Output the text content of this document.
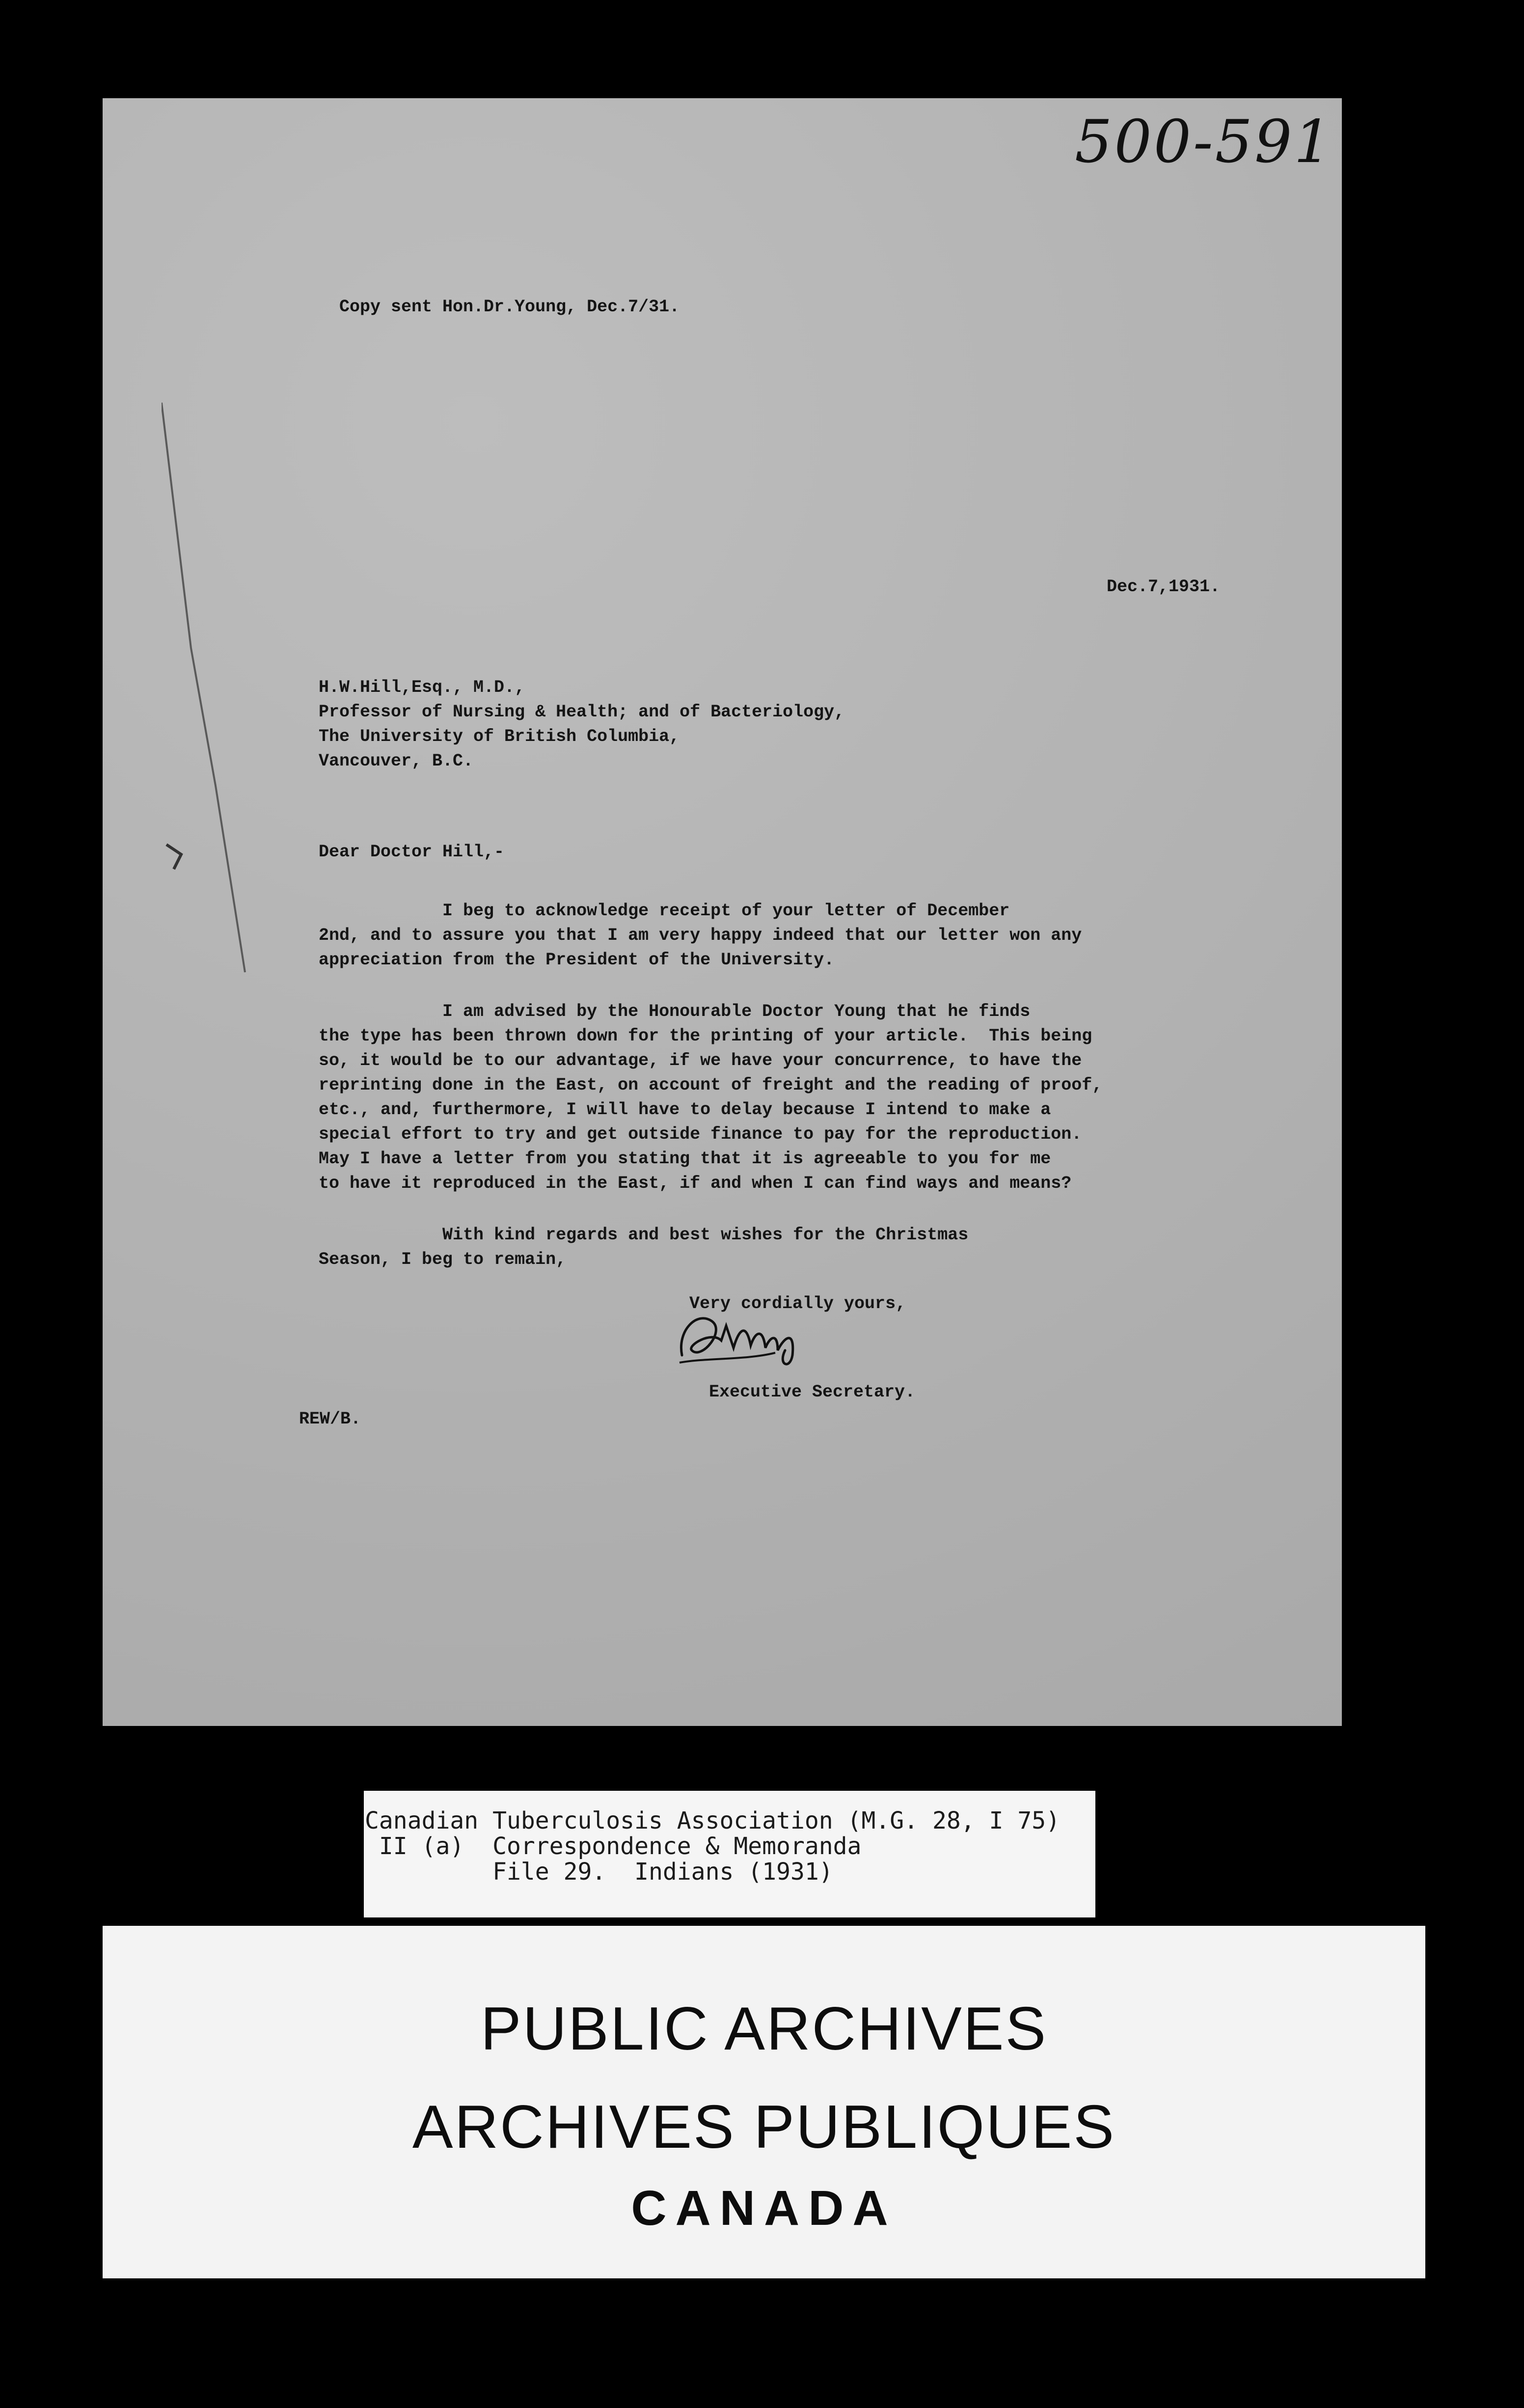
500-591
Copy sent Hon.Dr.Young, Dec.7/31.
Dec.7,1931.
H.W.Hill,Esq., M.D.,
Professor of Nursing & Health; and of Bacteriology,
The University of British Columbia,
Vancouver, B.C.
Dear Doctor Hill,-
I beg to acknowledge receipt of your letter of December
2nd, and to assure you that I am very happy indeed that our letter won any
appreciation from the President of the University.
I am advised by the Honourable Doctor Young that he finds
the type has been thrown down for the printing of your article.  This being
so, it would be to our advantage, if we have your concurrence, to have the
reprinting done in the East, on account of freight and the reading of proof,
etc., and, furthermore, I will have to delay because I intend to make a
special effort to try and get outside finance to pay for the reproduction.
May I have a letter from you stating that it is agreeable to you for me
to have it reproduced in the East, if and when I can find ways and means?
With kind regards and best wishes for the Christmas
Season, I beg to remain,
Very cordially yours,
Executive Secretary.
REW/B.
Canadian Tuberculosis Association (M.G. 28, I 75)
II (a)  Correspondence & Memoranda
File 29.  Indians (1931)
PUBLIC ARCHIVES
ARCHIVES PUBLIQUES
CANADA
